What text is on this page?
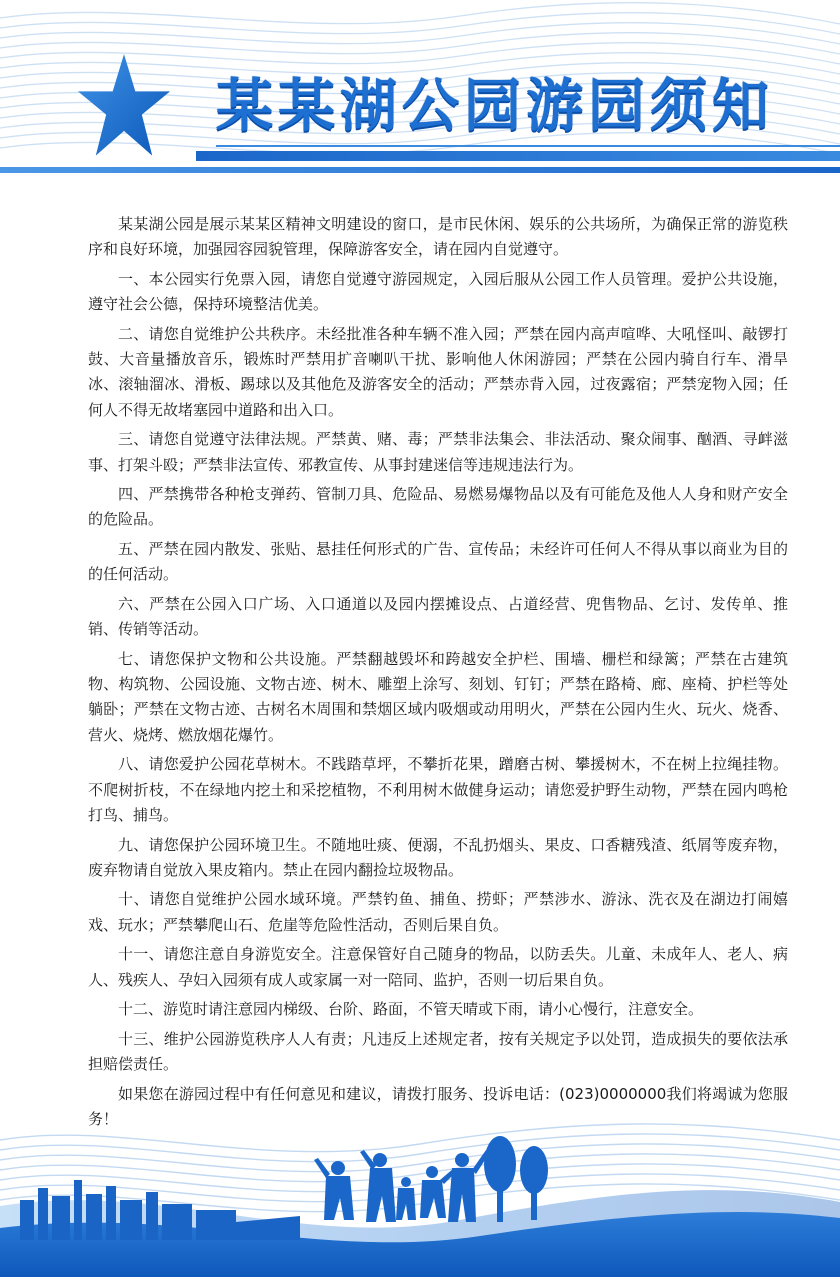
某某湖公园游园须知

某某湖公园是展示某某区精神文明建设的窗口，是市民休闲、娱乐的公共场所，为确保正常的游览秩序和良好环境，加强园容园貌管理，保障游客安全，请在园内自觉遵守。

一、本公园实行免票入园，请您自觉遵守游园规定，入园后服从公园工作人员管理。爱护公共设施，遵守社会公德，保持环境整洁优美。

二、请您自觉维护公共秩序。未经批准各种车辆不准入园；严禁在园内高声喧哗、大吼怪叫、敲锣打鼓、大音量播放音乐，锻炼时严禁用扩音喇叭干扰、影响他人休闲游园；严禁在公园内骑自行车、滑旱冰、滚轴溜冰、滑板、踢球以及其他危及游客安全的活动；严禁赤背入园，过夜露宿；严禁宠物入园；任何人不得无故堵塞园中道路和出入口。

三、请您自觉遵守法律法规。严禁黄、赌、毒；严禁非法集会、非法活动、聚众闹事、酗酒、寻衅滋事、打架斗殴；严禁非法宣传、邪教宣传、从事封建迷信等违规违法行为。

四、严禁携带各种枪支弹药、管制刀具、危险品、易燃易爆物品以及有可能危及他人人身和财产安全的危险品。

五、严禁在园内散发、张贴、悬挂任何形式的广告、宣传品；未经许可任何人不得从事以商业为目的的任何活动。

六、严禁在公园入口广场、入口通道以及园内摆摊设点、占道经营、兜售物品、乞讨、发传单、推销、传销等活动。

七、请您保护文物和公共设施。严禁翻越毁坏和跨越安全护栏、围墙、栅栏和绿篱；严禁在古建筑物、构筑物、公园设施、文物古迹、树木、雕塑上涂写、刻划、钉钉；严禁在路椅、廊、座椅、护栏等处躺卧；严禁在文物古迹、古树名木周围和禁烟区域内吸烟或动用明火，严禁在公园内生火、玩火、烧香、营火、烧烤、燃放烟花爆竹。

八、请您爱护公园花草树木。不践踏草坪，不攀折花果，蹭磨古树、攀援树木，不在树上拉绳挂物。不爬树折枝，不在绿地内挖土和采挖植物，不利用树木做健身运动；请您爱护野生动物，严禁在园内鸣枪打鸟、捕鸟。

九、请您保护公园环境卫生。不随地吐痰、便溺，不乱扔烟头、果皮、口香糖残渣、纸屑等废弃物，废弃物请自觉放入果皮箱内。禁止在园内翻捡垃圾物品。

十、请您自觉维护公园水域环境。严禁钓鱼、捕鱼、捞虾；严禁涉水、游泳、洗衣及在湖边打闹嬉戏、玩水；严禁攀爬山石、危崖等危险性活动，否则后果自负。

十一、请您注意自身游览安全。注意保管好自己随身的物品，以防丢失。儿童、未成年人、老人、病人、残疾人、孕妇入园须有成人或家属一对一陪同、监护，否则一切后果自负。

十二、游览时请注意园内梯级、台阶、路面，不管天晴或下雨，请小心慢行，注意安全。

十三、维护公园游览秩序人人有责；凡违反上述规定者，按有关规定予以处罚，造成损失的要依法承担赔偿责任。

如果您在游园过程中有任何意见和建议，请拨打服务、投诉电话：(023)0000000我们将竭诚为您服务！
